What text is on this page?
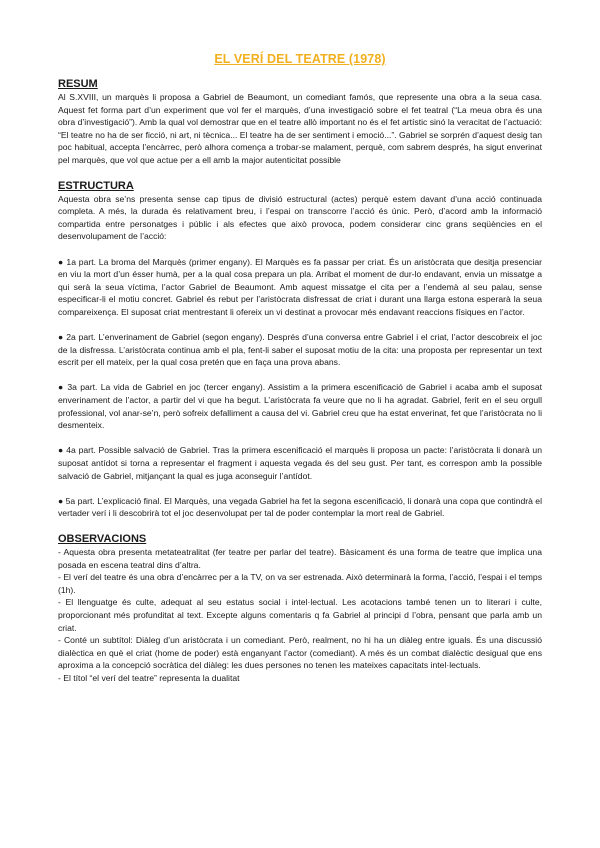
EL VERÍ DEL TEATRE (1978)
RESUM

Al S.XVIII, un marquès li proposa a Gabriel de Beaumont, un comediant famós, que represente una obra a la seua casa. Aquest fet forma part d’un experiment que vol fer el marquès, d’una investigació sobre el fet teatral (“La meua obra és una obra d’investigació”). Amb la qual vol demostrar que en el teatre allò important no és el fet artístic sinó la veracitat de l’actuació: “El teatre no ha de ser ficció, ni art, ni tècnica... El teatre ha de ser sentiment i emoció...”. Gabriel se sorprén d’aquest desig tan poc habitual, accepta l’encàrrec, però alhora comença a trobar-se malament, perquè, com sabrem després, ha sigut enverinat pel marquès, que vol que actue per a ell amb la major autenticitat possible

ESTRUCTURA

Aquesta obra se’ns presenta sense cap tipus de divisió estructural (actes) perquè estem davant d’una acció continuada completa. A més, la durada és relativament breu, i l’espai on transcorre l’acció és únic. Però, d’acord amb la informació compartida entre personatges i públic i als efectes que això provoca, podem considerar cinc grans seqüències en el desenvolupament de l’acció:

● 1a part. La broma del Marquès (primer engany). El Marquès es fa passar per criat. És un aristòcrata que desitja presenciar en viu la mort d’un ésser humà, per a la qual cosa prepara un pla. Arribat el moment de dur-lo endavant, envia un missatge a qui serà la seua víctima, l’actor Gabriel de Beaumont. Amb aquest missatge el cita per a l’endemà al seu palau, sense especificar-li el motiu concret. Gabriel és rebut per l’aristòcrata disfressat de criat i durant una llarga estona esperarà la seua compareixença. El suposat criat mentrestant li ofereix un vi destinat a provocar més endavant reaccions físiques en l’actor.

● 2a part. L’enverinament de Gabriel (segon engany). Després d’una conversa entre Gabriel i el criat, l’actor descobreix el joc de la disfressa. L’aristòcrata continua amb el pla, fent-li saber el suposat motiu de la cita: una proposta per representar un text escrit per ell mateix, per la qual cosa pretén que en faça una prova abans.

● 3a part. La vida de Gabriel en joc (tercer engany). Assistim a la primera escenificació de Gabriel i acaba amb el suposat enverinament de l’actor, a partir del vi que ha begut. L’aristòcrata fa veure que no li ha agradat. Gabriel, ferit en el seu orgull professional, vol anar-se’n, però sofreix defalliment a causa del vi. Gabriel creu que ha estat enverinat, fet que l’aristòcrata no li desmenteix.

● 4a part. Possible salvació de Gabriel. Tras la primera escenificació el marquès li proposa un pacte: l’aristòcrata li donarà un suposat antídot si torna a representar el fragment i aquesta vegada és del seu gust. Per tant, es correspon amb la possible salvació de Gabriel, mitjançant la qual es juga aconseguir l’antídot.

● 5a part. L’explicació final. El Marquès, una vegada Gabriel ha fet la segona escenificació, li donarà una copa que contindrà el vertader verí i li descobrirà tot el joc desenvolupat per tal de poder contemplar la mort real de Gabriel.

OBSERVACIONS

- Aquesta obra presenta metateatralitat (fer teatre per parlar del teatre). Bàsicament és una forma de teatre que implica una posada en escena teatral dins d’altra.

- El verí del teatre és una obra d’encàrrec per a la TV, on va ser estrenada. Això determinarà la forma, l’acció, l’espai i el temps (1h).

- El llenguatge és culte, adequat al seu estatus social i intel·lectual. Les acotacions també tenen un to literari i culte, proporcionant més profunditat al text. Excepte alguns comentaris q fa Gabriel al principi d l’obra, pensant que parla amb un criat.

- Conté un subtítol: Diàleg d’un aristòcrata i un comediant. Però, realment, no hi ha un diàleg entre iguals. És una discussió dialèctica en què el criat (home de poder) està enganyant l’actor (comediant). A més és un combat dialèctic desigual que ens aproxima a la concepció socràtica del diàleg: les dues persones no tenen les mateixes capacitats intel·lectuals.

- El títol “el verí del teatre” representa la dualitat
